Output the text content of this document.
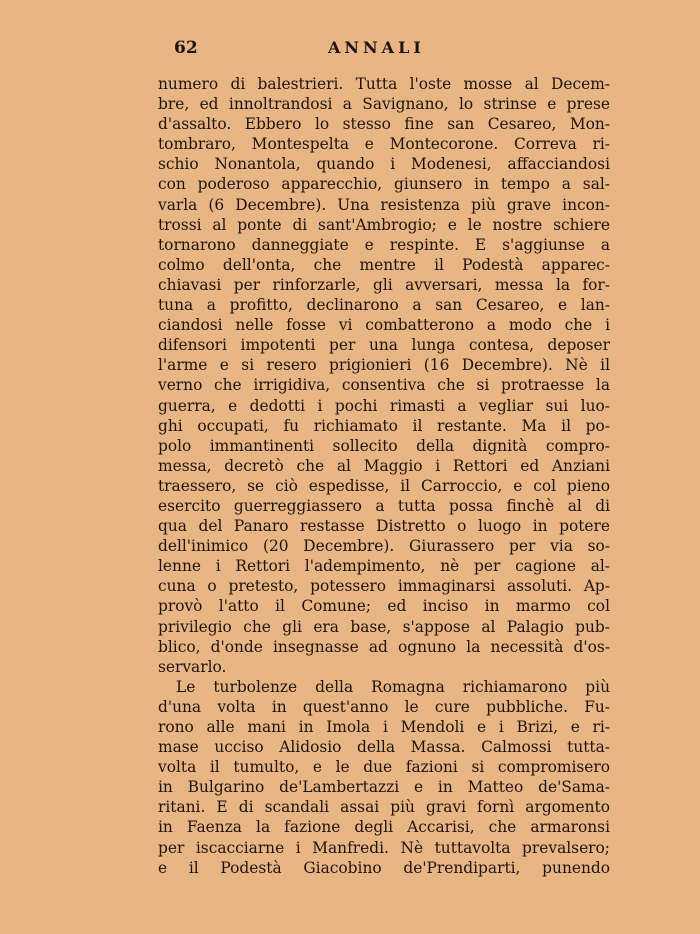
62	ANNALI
numero di balestrieri. Tutta l'oste mosse al Decem-
bre, ed innoltrandosi a Savignano, lo strinse e prese
d'assalto. Ebbero lo stesso fine san Cesareo, Mon-
tombraro, Montespelta e Montecorone. Correva ri-
schio Nonantola, quando i Modenesi, affacciandosi
con poderoso apparecchio, giunsero in tempo a sal-
varla (6 Decembre). Una resistenza più grave incon-
trossi al ponte di sant'Ambrogio; e le nostre schiere
tornarono danneggiate e respinte. E s'aggiunse a
colmo dell'onta, che mentre il Podestà apparec-
chiavasi per rinforzarle, gli avversari, messa la for-
tuna a profitto, declinarono a san Cesareo, e lan-
ciandosi nelle fosse vi combatterono a modo che i
difensori impotenti per una lunga contesa, deposer
l'arme e si resero prigionieri (16 Decembre). Nè il
verno che irrigidiva, consentiva che si protraesse la
guerra, e dedotti i pochi rimasti a vegliar sui luo-
ghi occupati, fu richiamato il restante. Ma il po-
polo immantinenti sollecito della dignità compro-
messa, decretò che al Maggio i Rettori ed Anziani
traessero, se ciò espedisse, il Carroccio, e col pieno
esercito guerreggiassero a tutta possa finchè al di
qua del Panaro restasse Distretto o luogo in potere
dell'inimico (20 Decembre). Giurassero per via so-
lenne i Rettori l'adempimento, nè per cagione al-
cuna o pretesto, potessero immaginarsi assoluti. Ap-
provò l'atto il Comune; ed inciso in marmo col
privilegio che gli era base, s'appose al Palagio pub-
blico, d'onde insegnasse ad ognuno la necessità d'os-
servarlo.
Le turbolenze della Romagna richiamarono più
d'una volta in quest'anno le cure pubbliche. Fu-
rono alle mani in Imola i Mendoli e i Brizi, e ri-
mase ucciso Alidosio della Massa. Calmossi tutta-
volta il tumulto, e le due fazioni si compromisero
in Bulgarino de'Lambertazzi e in Matteo de'Sama-
ritani. E di scandali assai più gravi fornì argomento
in Faenza la fazione degli Accarisi, che armaronsi
per iscacciarne i Manfredi. Nè tuttavolta prevalsero;
e il Podestà Giacobino de'Prendiparti, punendo
